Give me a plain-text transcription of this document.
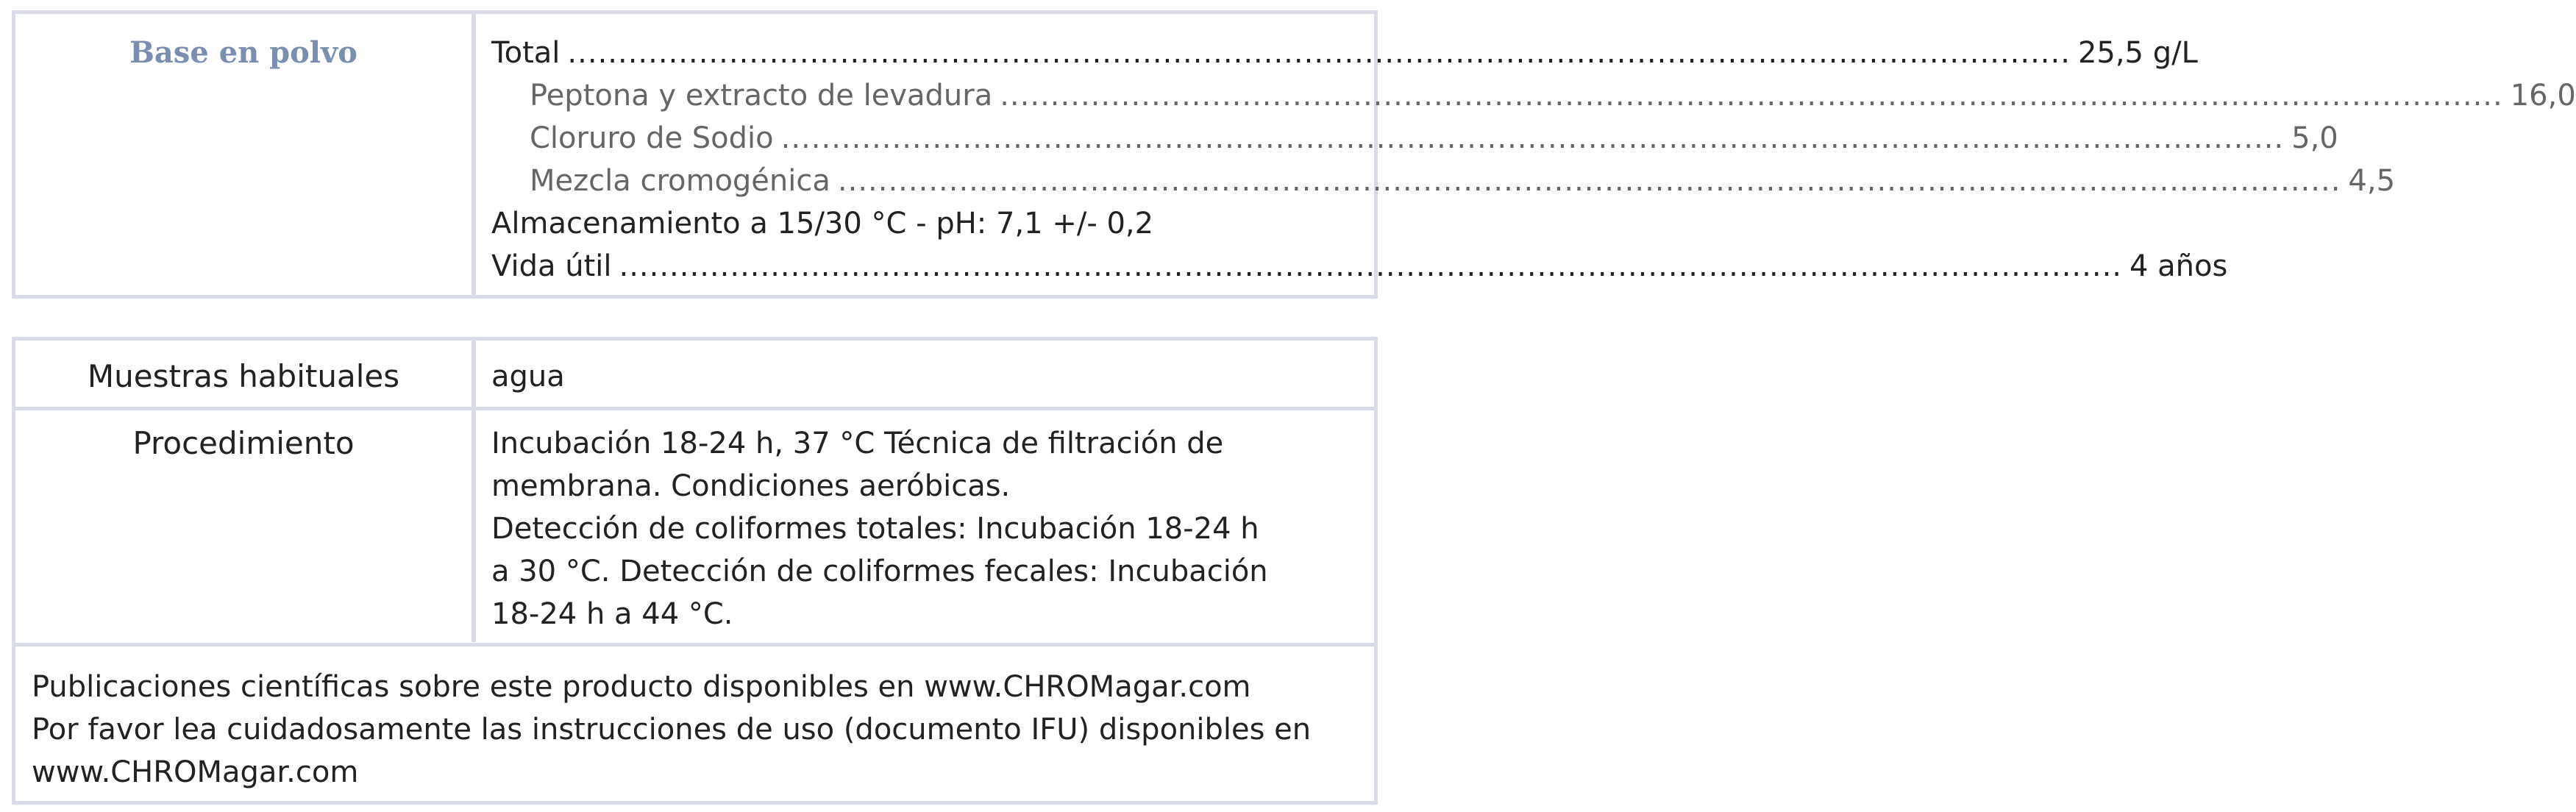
Base en polvo	Total ..................................................................................................................................................... 25,5 g/L
Peptona y extracto de levadura ..................................................................................................................................................... 16,0
Cloruro de Sodio ..................................................................................................................................................... 5,0
Mezcla cromogénica ..................................................................................................................................................... 4,5
Almacenamiento a 15/30 °C - pH: 7,1 +/- 0,2
Vida útil ..................................................................................................................................................... 4 años
Muestras habituales	agua
Procedimiento	Incubación 18-24 h, 37 °C Técnica de filtración de
membrana. Condiciones aeróbicas.
Detección de coliformes totales: Incubación 18-24 h
a 30 °C. Detección de coliformes fecales: Incubación
18-24 h a 44 °C.
Publicaciones científicas sobre este producto disponibles en www.CHROMagar.com
Por favor lea cuidadosamente las instrucciones de uso (documento IFU) disponibles en
www.CHROMagar.com
